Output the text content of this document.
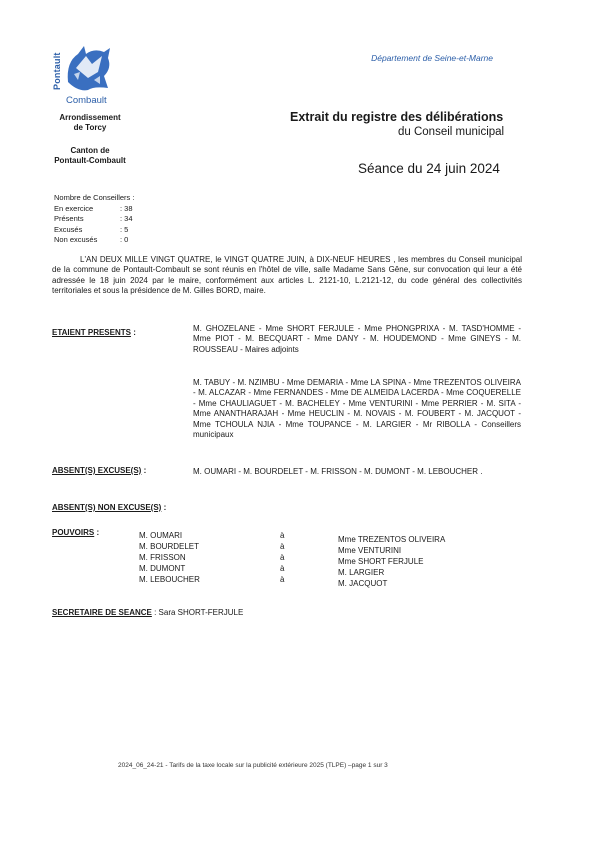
Pontault
Combault
Arrondissement
de Torcy
Canton de
Pontault-Combault
Département de Seine-et-Marne
Extrait du registre des délibérations
du Conseil municipal
Séance du 24 juin 2024
Nombre de Conseillers :
En exercice	: 38
Présents	: 34
Excusés	: 5
Non excusés	: 0

L'AN DEUX MILLE VINGT QUATRE, le VINGT QUATRE JUIN, à DIX-NEUF HEURES , les membres du Conseil municipal de la commune de Pontault-Combault se sont réunis en l'hôtel de ville, salle Madame Sans Gêne, sur convocation qui leur a été adressée le 18 juin 2024 par le maire, conformément aux articles L. 2121-10, L.2121-12, du code général des collectivités territoriales et sous la présidence de M. Gilles BORD, maire.

ETAIENT PRESENTS :	M. GHOZELANE - Mme SHORT FERJULE - Mme PHONGPRIXA - M. TASD'HOMME - Mme PIOT - M. BECQUART - Mme DANY - M. HOUDEMOND - Mme GINEYS - M. ROUSSEAU - Maires adjoints
M. TABUY - M. NZIMBU - Mme DEMARIA - Mme LA SPINA - Mme TREZENTOS OLIVEIRA - M. ALCAZAR - Mme FERNANDES - Mme DE ALMEIDA LACERDA - Mme COQUERELLE - Mme CHAULIAGUET - M. BACHELEY - Mme VENTURINI - Mme PERRIER - M. SITA - Mme ANANTHARAJAH - Mme HEUCLIN - M. NOVAIS - M. FOUBERT - M. JACQUOT - Mme TCHOULA NJIA - Mme TOUPANCE - M. LARGIER - Mr RIBOLLA - Conseillers municipaux
ABSENT(S) EXCUSE(S) :	M. OUMARI - M. BOURDELET - M. FRISSON - M. DUMONT - M. LEBOUCHER .
ABSENT(S) NON EXCUSE(S) :
POUVOIRS :	M. OUMARI	à	Mme TREZENTOS OLIVEIRA
M. BOURDELET	à	Mme VENTURINI
M. FRISSON	à	Mme SHORT FERJULE
M. DUMONT	à	M. LARGIER
M. LEBOUCHER	à	M. JACQUOT
SECRETAIRE DE SEANCE : Sara SHORT-FERJULE
2024_06_24-21 - Tarifs de la taxe locale sur la publicité extérieure 2025 (TLPE) –page 1 sur 3
